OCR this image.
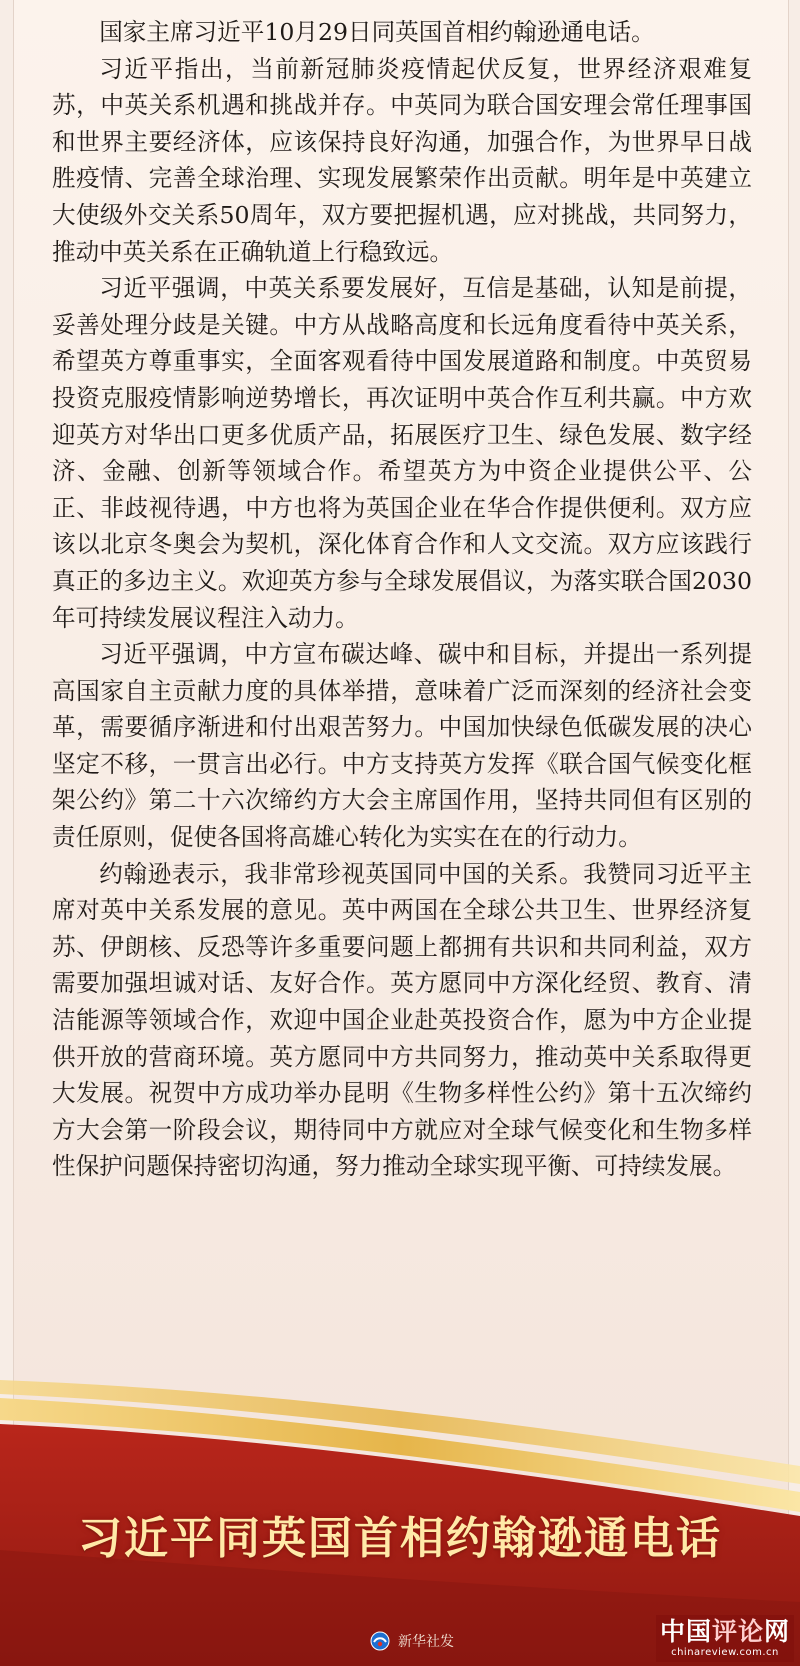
国家主席习近平10月29日同英国首相约翰逊通电话。

习近平指出，当前新冠肺炎疫情起伏反复，世界经济艰难复苏，中英关系机遇和挑战并存。中英同为联合国安理会常任理事国和世界主要经济体，应该保持良好沟通，加强合作，为世界早日战胜疫情、完善全球治理、实现发展繁荣作出贡献。明年是中英建立大使级外交关系50周年，双方要把握机遇，应对挑战，共同努力，推动中英关系在正确轨道上行稳致远。

习近平强调，中英关系要发展好，互信是基础，认知是前提，妥善处理分歧是关键。中方从战略高度和长远角度看待中英关系，希望英方尊重事实，全面客观看待中国发展道路和制度。中英贸易投资克服疫情影响逆势增长，再次证明中英合作互利共赢。中方欢迎英方对华出口更多优质产品，拓展医疗卫生、绿色发展、数字经济、金融、创新等领域合作。希望英方为中资企业提供公平、公正、非歧视待遇，中方也将为英国企业在华合作提供便利。双方应该以北京冬奥会为契机，深化体育合作和人文交流。双方应该践行真正的多边主义。欢迎英方参与全球发展倡议，为落实联合国2030年可持续发展议程注入动力。

习近平强调，中方宣布碳达峰、碳中和目标，并提出一系列提高国家自主贡献力度的具体举措，意味着广泛而深刻的经济社会变革，需要循序渐进和付出艰苦努力。中国加快绿色低碳发展的决心坚定不移，一贯言出必行。中方支持英方发挥《联合国气候变化框架公约》第二十六次缔约方大会主席国作用，坚持共同但有区别的责任原则，促使各国将高雄心转化为实实在在的行动力。

约翰逊表示，我非常珍视英国同中国的关系。我赞同习近平主席对英中关系发展的意见。英中两国在全球公共卫生、世界经济复苏、伊朗核、反恐等许多重要问题上都拥有共识和共同利益，双方需要加强坦诚对话、友好合作。英方愿同中方深化经贸、教育、清洁能源等领域合作，欢迎中国企业赴英投资合作，愿为中方企业提供开放的营商环境。英方愿同中方共同努力，推动英中关系取得更大发展。祝贺中方成功举办昆明《生物多样性公约》第十五次缔约方大会第一阶段会议，期待同中方就应对全球气候变化和生物多样性保护问题保持密切沟通，努力推动全球实现平衡、可持续发展。

习近平同英国首相约翰逊通电话
新华社发	中国评论网
chinareview.com.cn
